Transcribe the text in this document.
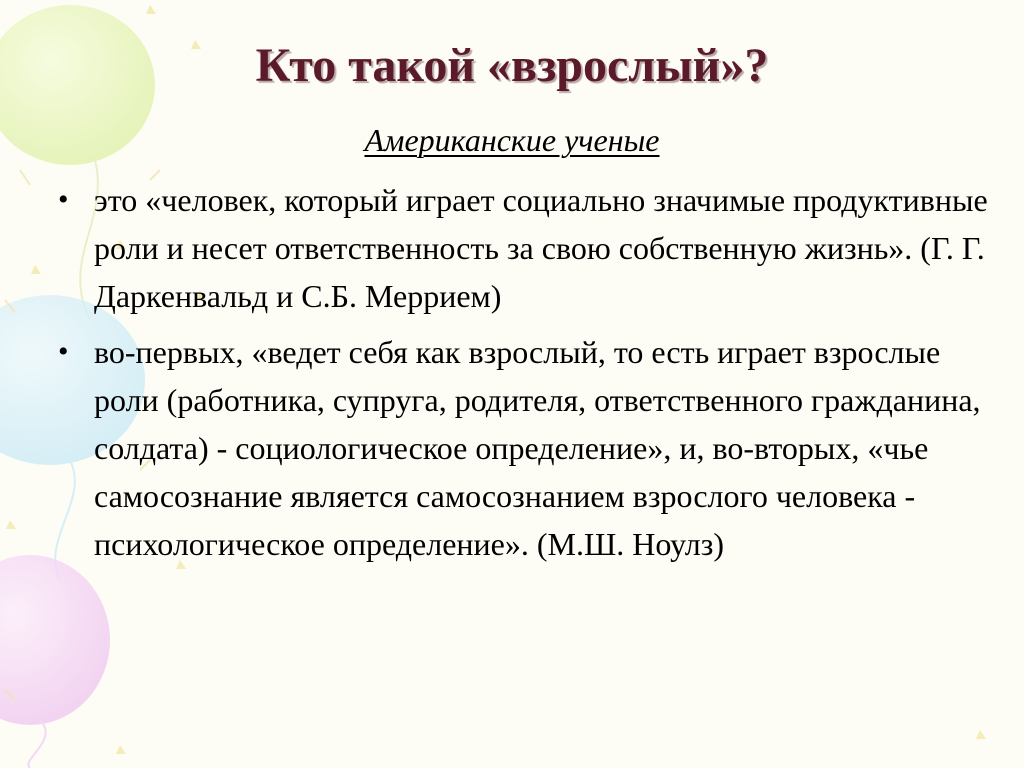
Кто такой «взрослый»?
Американские ученые
• это «человек, который играет социально значимые продуктивные роли и несет ответственность за свою собственную жизнь». (Г. Г. Даркенвальд и С.Б. Мерриeм)
• во-первых, «ведет себя как взрослый, то есть играет взрослые роли (работника, супруга, родителя, ответственного гражданина, солдата) - социологическое определение», и, во-вторых, «чье самосознание является самосознанием взрослого человека - психологическое определение». (М.Ш. Ноулз)
